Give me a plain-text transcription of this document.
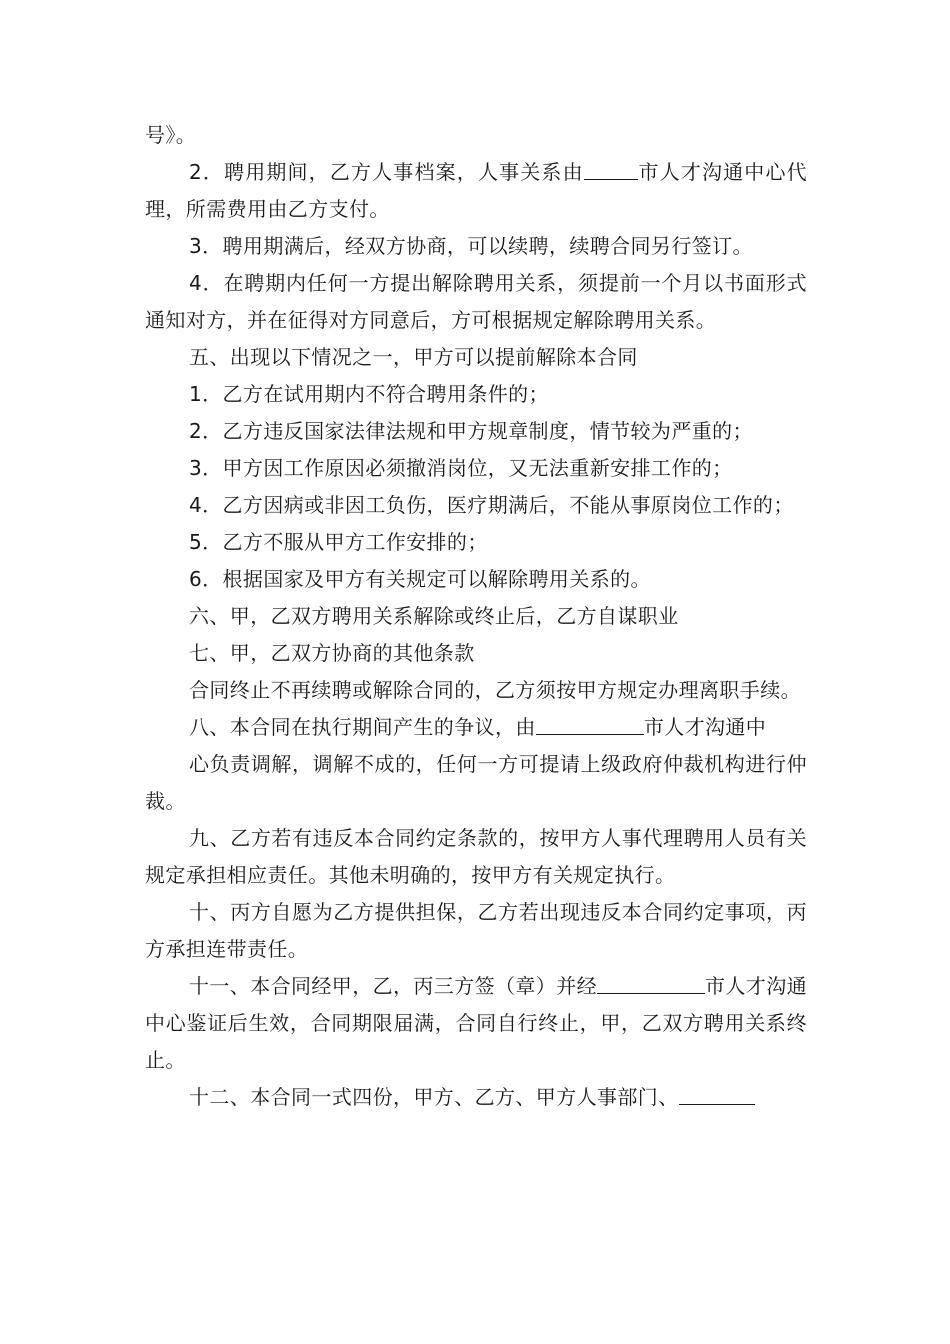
号》。

2．聘用期间，乙方人事档案，人事关系由	市人才沟通中心代理，所需费用由乙方支付。

3．聘用期满后，经双方协商，可以续聘，续聘合同另行签订。

4．在聘期内任何一方提出解除聘用关系，须提前一个月以书面形式通知对方，并在征得对方同意后，方可根据规定解除聘用关系。

五、出现以下情况之一，甲方可以提前解除本合同

1．乙方在试用期内不符合聘用条件的；

2．乙方违反国家法律法规和甲方规章制度，情节较为严重的；

3．甲方因工作原因必须撤消岗位，又无法重新安排工作的；

4．乙方因病或非因工负伤，医疗期满后，不能从事原岗位工作的；

5．乙方不服从甲方工作安排的；

6．根据国家及甲方有关规定可以解除聘用关系的。

六、甲，乙双方聘用关系解除或终止后，乙方自谋职业

七、甲，乙双方协商的其他条款

合同终止不再续聘或解除合同的，乙方须按甲方规定办理离职手续。

八、本合同在执行期间产生的争议，由	市人才沟通中

心负责调解，调解不成的，任何一方可提请上级政府仲裁机构进行仲裁。

九、乙方若有违反本合同约定条款的，按甲方人事代理聘用人员有关规定承担相应责任。其他未明确的，按甲方有关规定执行。

十、丙方自愿为乙方提供担保，乙方若出现违反本合同约定事项，丙方承担连带责任。

十一、本合同经甲，乙，丙三方签（章）并经	市人才沟通中心鉴证后生效，合同期限届满，合同自行终止，甲，乙双方聘用关系终止。

十二、本合同一式四份，甲方、乙方、甲方人事部门、
